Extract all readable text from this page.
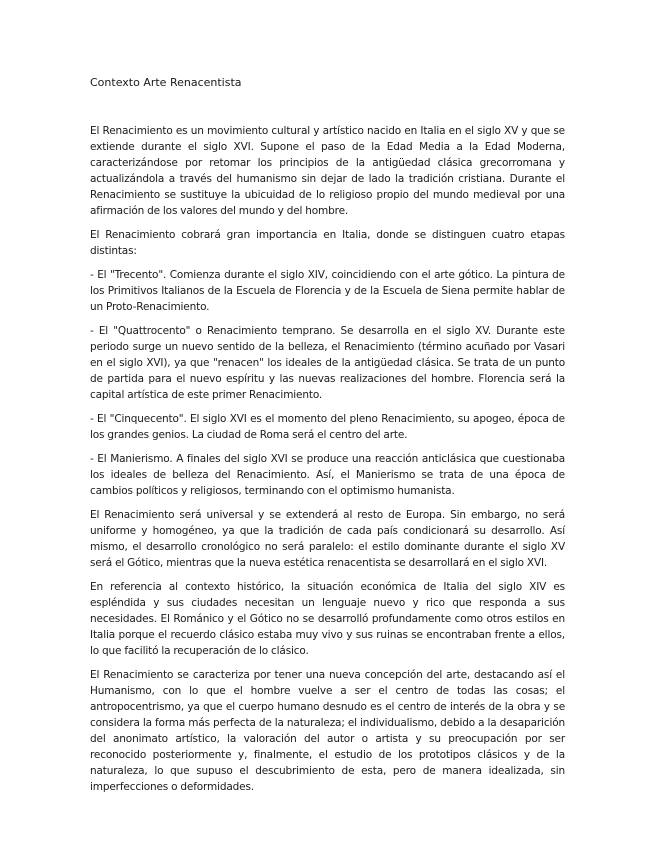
Contexto Arte Renacentista

El Renacimiento es un movimiento cultural y artístico nacido en Italia en el siglo XV y que se extiende durante el siglo XVI. Supone el paso de la Edad Media a la Edad Moderna, caracterizándose por retomar los principios de la antigüedad clásica grecorromana y actualizándola a través del humanismo sin dejar de lado la tradición cristiana. Durante el Renacimiento se sustituye la ubicuidad de lo religioso propio del mundo medieval por una afirmación de los valores del mundo y del hombre.

El Renacimiento cobrará gran importancia en Italia, donde se distinguen cuatro etapas distintas:

- El "Trecento". Comienza durante el siglo XIV, coincidiendo con el arte gótico. La pintura de los Primitivos Italianos de la Escuela de Florencia y de la Escuela de Siena permite hablar de un Proto-Renacimiento.

- El "Quattrocento" o Renacimiento temprano. Se desarrolla en el siglo XV. Durante este periodo surge un nuevo sentido de la belleza, el Renacimiento (término acuñado por Vasari en el siglo XVI), ya que "renacen" los ideales de la antigüedad clásica. Se trata de un punto de partida para el nuevo espíritu y las nuevas realizaciones del hombre. Florencia será la capital artística de este primer Renacimiento.

- El "Cinquecento". El siglo XVI es el momento del pleno Renacimiento, su apogeo, época de los grandes genios. La ciudad de Roma será el centro del arte.

- El Manierismo. A finales del siglo XVI se produce una reacción anticlásica que cuestionaba los ideales de belleza del Renacimiento. Así, el Manierismo se trata de una época de cambios políticos y religiosos, terminando con el optimismo humanista.

El Renacimiento será universal y se extenderá al resto de Europa. Sin embargo, no será uniforme y homogéneo, ya que la tradición de cada país condicionará su desarrollo. Así mismo, el desarrollo cronológico no será paralelo: el estilo dominante durante el siglo XV será el Gótico, mientras que la nueva estética renacentista se desarrollará en el siglo XVI.

En referencia al contexto histórico, la situación económica de Italia del siglo XIV es espléndida y sus ciudades necesitan un lenguaje nuevo y rico que responda a sus necesidades. El Románico y el Gótico no se desarrolló profundamente como otros estilos en Italia porque el recuerdo clásico estaba muy vivo y sus ruinas se encontraban frente a ellos, lo que facilitó la recuperación de lo clásico.

El Renacimiento se caracteriza por tener una nueva concepción del arte, destacando así el Humanismo, con lo que el hombre vuelve a ser el centro de todas las cosas; el antropocentrismo, ya que el cuerpo humano desnudo es el centro de interés de la obra y se considera la forma más perfecta de la naturaleza; el individualismo, debido a la desaparición del anonimato artístico, la valoración del autor o artista y su preocupación por ser reconocido posteriormente y, finalmente, el estudio de los prototipos clásicos y de la naturaleza, lo que supuso el descubrimiento de esta, pero de manera idealizada, sin imperfecciones o deformidades.
